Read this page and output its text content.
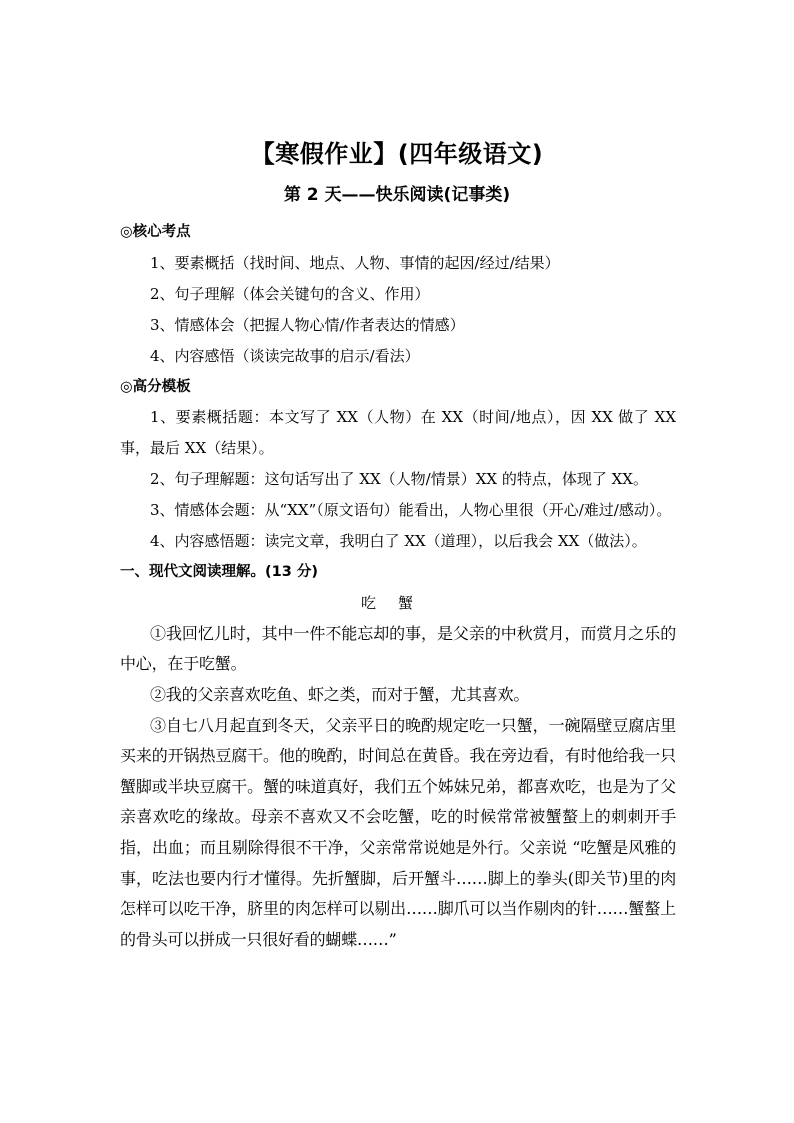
【寒假作业】(四年级语文)
第 2 天——快乐阅读(记事类)

◎核心考点

1、要素概括（找时间、地点、人物、事情的起因/经过/结果）

2、句子理解（体会关键句的含义、作用）

3、情感体会（把握人物心情/作者表达的情感）

4、内容感悟（谈读完故事的启示/看法）

◎高分模板

1、要素概括题：本文写了 XX（人物）在 XX（时间/地点），因 XX 做了 XX 事，最后 XX（结果）。

2、句子理解题：这句话写出了 XX（人物/情景）XX 的特点，体现了 XX。

3、情感体会题：从“XX”（原文语句）能看出，人物心里很（开心/难过/感动）。

4、内容感悟题：读完文章，我明白了 XX（道理），以后我会 XX（做法）。

一、现代文阅读理解。(13 分)

吃蟹

①我回忆儿时，其中一件不能忘却的事，是父亲的中秋赏月，而赏月之乐的中心，在于吃蟹。

②我的父亲喜欢吃鱼、虾之类，而对于蟹，尤其喜欢。

③自七八月起直到冬天，父亲平日的晚酌规定吃一只蟹，一碗隔壁豆腐店里买来的开锅热豆腐干。他的晚酌，时间总在黄昏。我在旁边看，有时他给我一只蟹脚或半块豆腐干。蟹的味道真好，我们五个姊妹兄弟，都喜欢吃，也是为了父亲喜欢吃的缘故。母亲不喜欢又不会吃蟹，吃的时候常常被蟹螯上的刺刺开手指，出血；而且剔除得很不干净，父亲常常说她是外行。父亲说 “吃蟹是风雅的事，吃法也要内行才懂得。先折蟹脚，后开蟹斗……脚上的拳头(即关节)里的肉怎样可以吃干净，脐里的肉怎样可以剔出……脚爪可以当作剔肉的针……蟹螯上的骨头可以拼成一只很好看的蝴蝶……”
